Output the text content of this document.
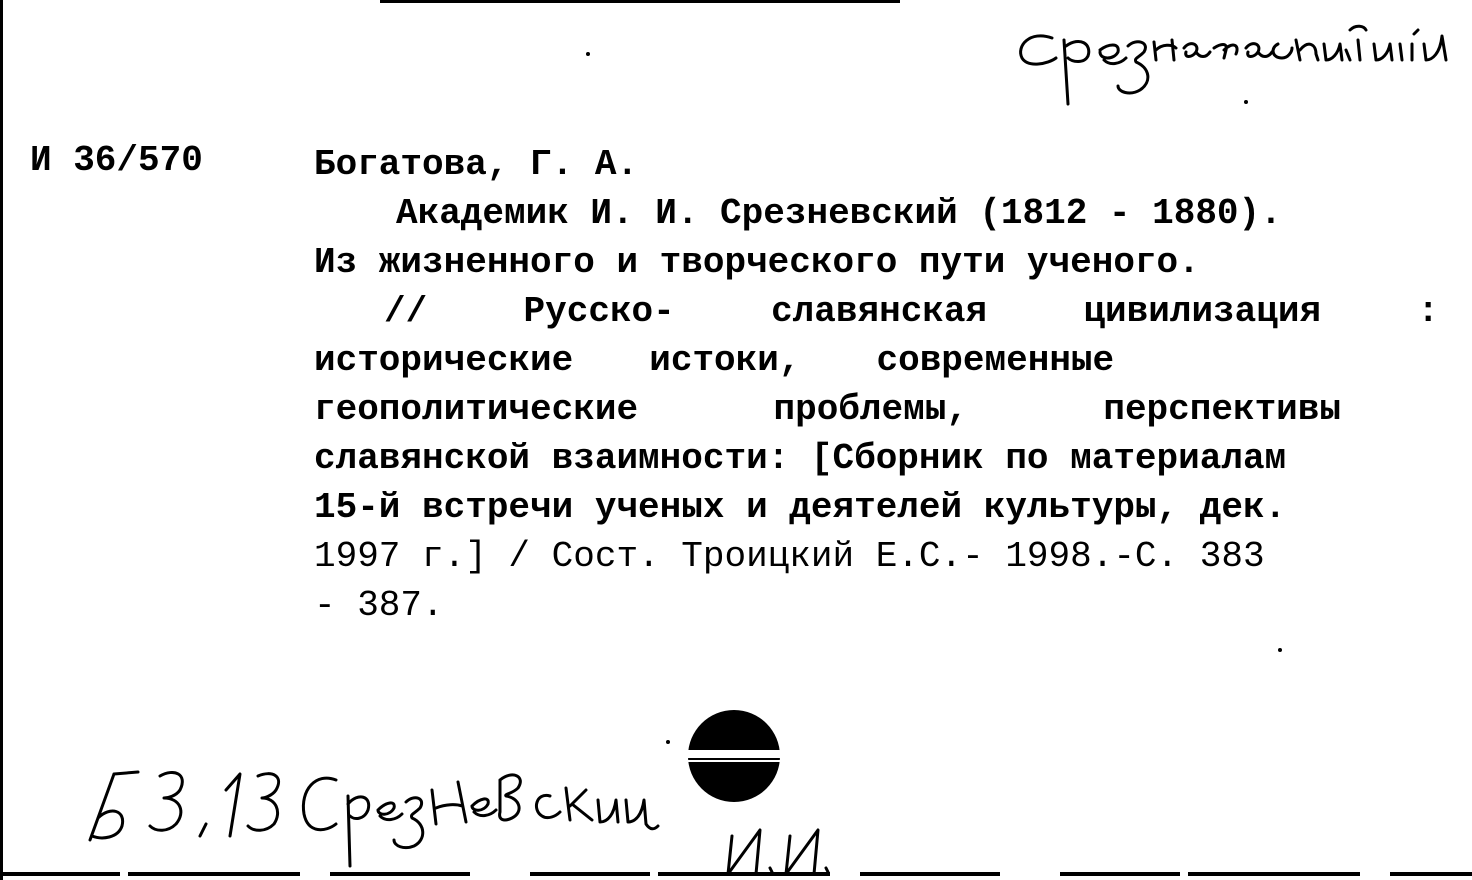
И 36/570	Богатова, Г. А.
Академик И. И. Срезневский (1812 - 1880).
Из жизненного и творческого пути ученого.
//	Русско-	славянская	цивилизация	:
исторические истоки, современные
геополитические	проблемы,	перспективы
славянской взаимности: [Сборник по материалам
15-й встречи ученых и деятелей культуры, дек.
1997 г.] / Сост. Троицкий Е.С.- 1998.-С. 383
- 387.
